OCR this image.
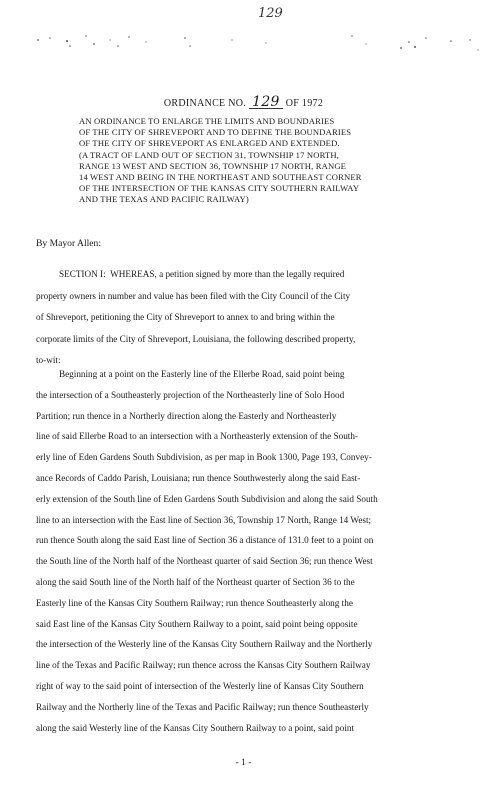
129
ORDINANCE NO. 129 OF 1972
AN ORDINANCE TO ENLARGE THE LIMITS AND BOUNDARIES
OF THE CITY OF SHREVEPORT AND TO DEFINE THE BOUNDARIES
OF THE CITY OF SHREVEPORT AS ENLARGED AND EXTENDED.
(A TRACT OF LAND OUT OF SECTION 31, TOWNSHIP 17 NORTH,
RANGE 13 WEST AND SECTION 36, TOWNSHIP 17 NORTH, RANGE
14 WEST AND BEING IN THE NORTHEAST AND SOUTHEAST CORNER
OF THE INTERSECTION OF THE KANSAS CITY SOUTHERN RAILWAY
AND THE TEXAS AND PACIFIC RAILWAY)
By Mayor Allen:
SECTION I:  WHEREAS, a petition signed by more than the legally required
property owners in number and value has been filed with the City Council of the City
of Shreveport, petitioning the City of Shreveport to annex to and bring within the
corporate limits of the City of Shreveport, Louisiana, the following described property,
to-wit:
Beginning at a point on the Easterly line of the Ellerbe Road, said point being
the intersection of a Southeasterly projection of the Northeasterly line of Solo Hood
Partition; run thence in a Northerly direction along the Easterly and Northeasterly
line of said Ellerbe Road to an intersection with a Northeasterly extension of the South-
erly line of Eden Gardens South Subdivision, as per map in Book 1300, Page 193, Convey-
ance Records of Caddo Parish, Louisiana; run thence Southwesterly along the said East-
erly extension of the South line of Eden Gardens South Subdivision and along the said South
line to an intersection with the East line of Section 36, Township 17 North, Range 14 West;
run thence South along the said East line of Section 36 a distance of 131.0 feet to a point on
the South line of the North half of the Northeast quarter of said Section 36; run thence West
along the said South line of the North half of the Northeast quarter of Section 36 to the
Easterly line of the Kansas City Southern Railway; run thence Southeasterly along the
said East line of the Kansas City Southern Railway to a point, said point being opposite
the intersection of the Westerly line of the Kansas City Southern Railway and the Northerly
line of the Texas and Pacific Railway; run thence across the Kansas City Southern Railway
right of way to the said point of intersection of the Westerly line of Kansas City Southern
Railway and the Northerly line of the Texas and Pacific Railway; run thence Southeasterly
along the said Westerly line of the Kansas City Southern Railway to a point, said point
- 1 -
